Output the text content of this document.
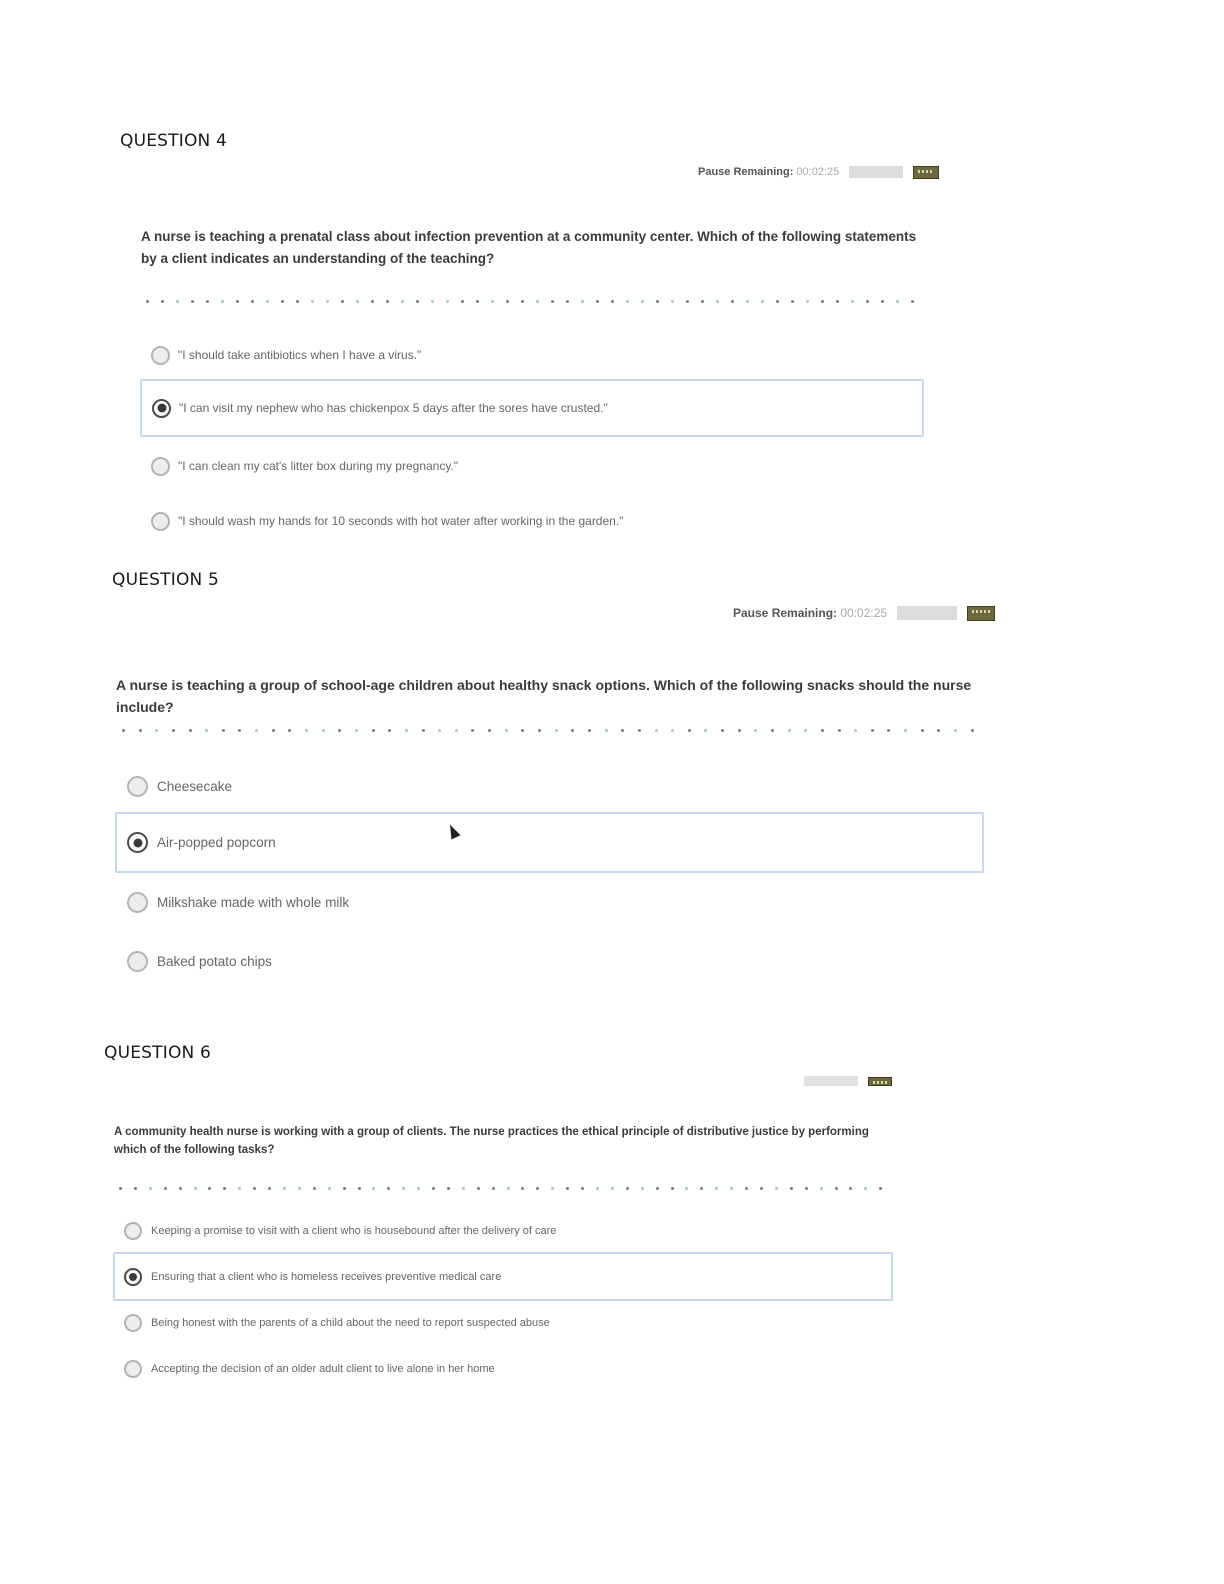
QUESTION 4
Pause Remaining: 00:02:25
A nurse is teaching a prenatal class about infection prevention at a community center. Which of the following statements by a client indicates an understanding of the teaching?
"I should take antibiotics when I have a virus."
"I can visit my nephew who has chickenpox 5 days after the sores have crusted."
"I can clean my cat's litter box during my pregnancy."
"I should wash my hands for 10 seconds with hot water after working in the garden."
QUESTION 5
Pause Remaining: 00:02:25
A nurse is teaching a group of school-age children about healthy snack options. Which of the following snacks should the nurse include?
Cheesecake
Air-popped popcorn
Milkshake made with whole milk
Baked potato chips
QUESTION 6
A community health nurse is working with a group of clients. The nurse practices the ethical principle of distributive justice by performing which of the following tasks?
Keeping a promise to visit with a client who is housebound after the delivery of care
Ensuring that a client who is homeless receives preventive medical care
Being honest with the parents of a child about the need to report suspected abuse
Accepting the decision of an older adult client to live alone in her home
